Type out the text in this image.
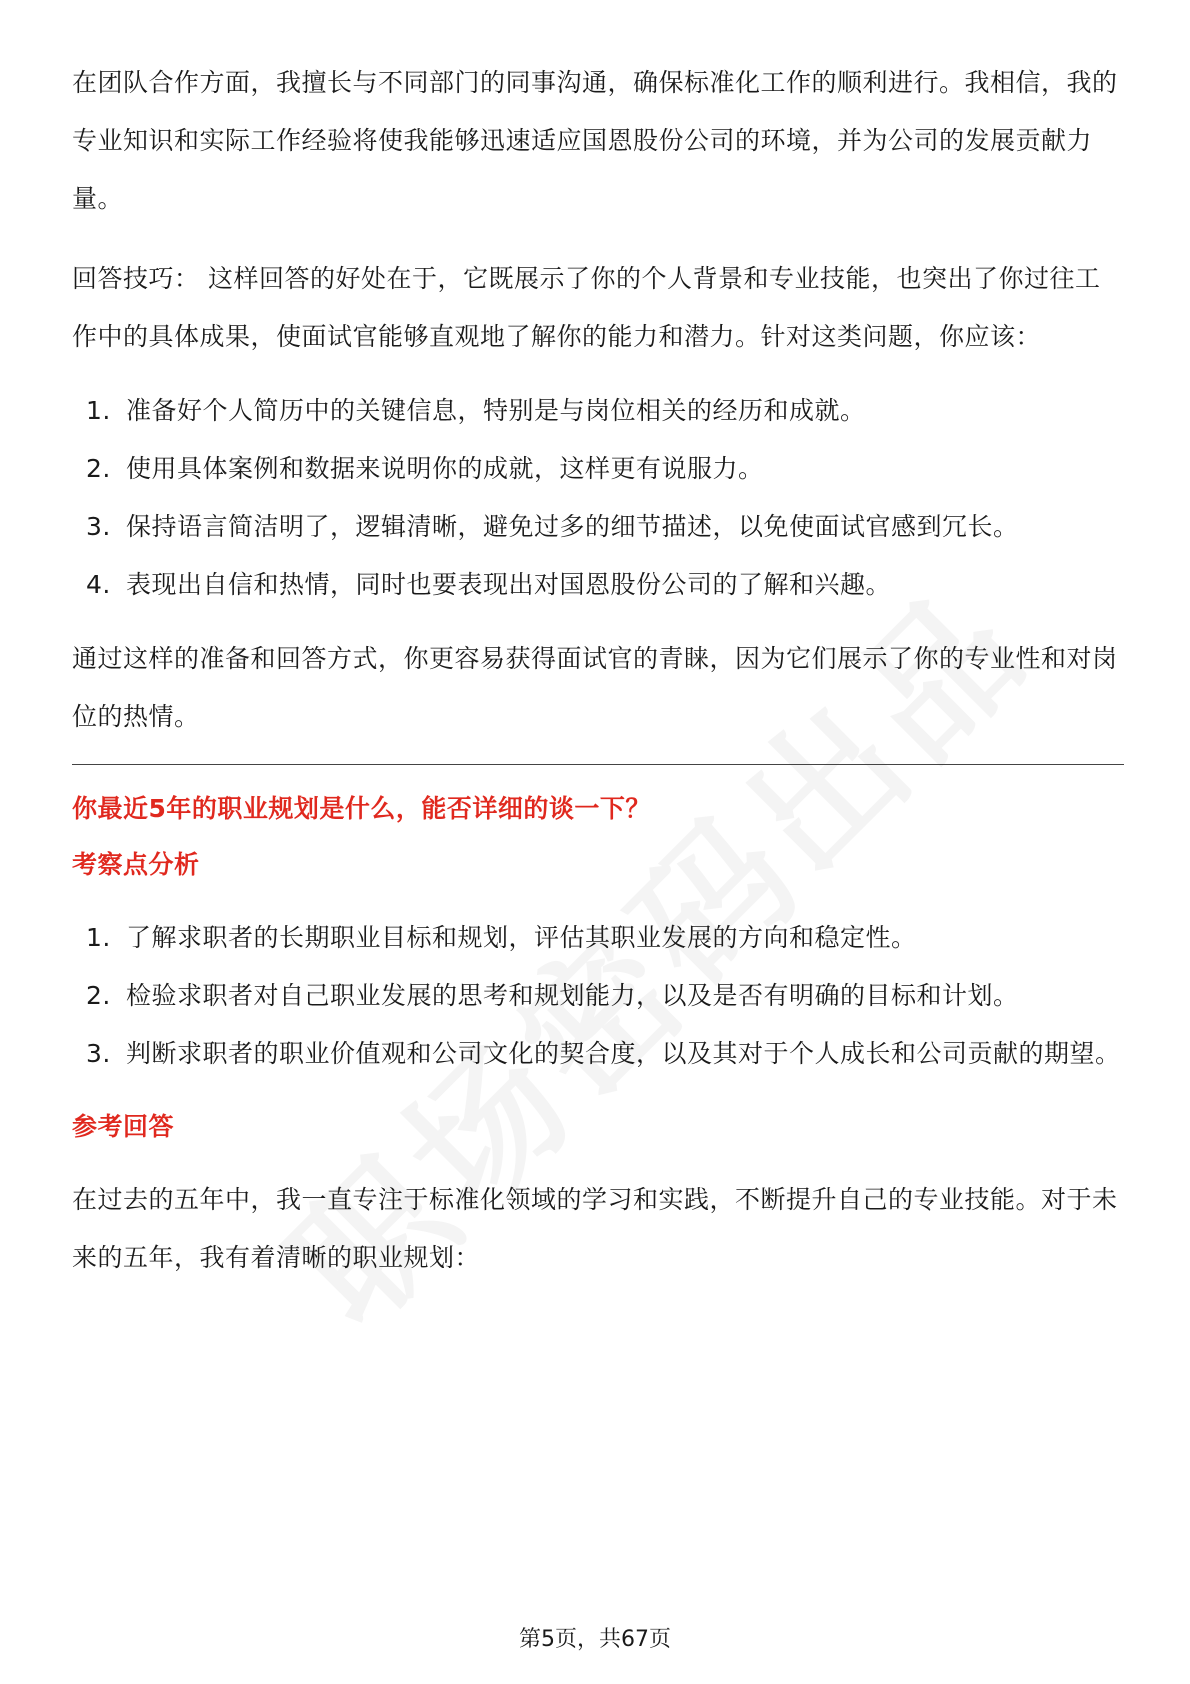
在团队合作方面，我擅长与不同部门的同事沟通，确保标准化工作的顺利进行。我相信，我的专业知识和实际工作经验将使我能够迅速适应国恩股份公司的环境，并为公司的发展贡献力量。

回答技巧： 这样回答的好处在于，它既展示了你的个人背景和专业技能，也突出了你过往工作中的具体成果，使面试官能够直观地了解你的能力和潜力。针对这类问题，你应该：

1. 准备好个人简历中的关键信息，特别是与岗位相关的经历和成就。
2. 使用具体案例和数据来说明你的成就，这样更有说服力。
3. 保持语言简洁明了，逻辑清晰，避免过多的细节描述，以免使面试官感到冗长。
4. 表现出自信和热情，同时也要表现出对国恩股份公司的了解和兴趣。

通过这样的准备和回答方式，你更容易获得面试官的青睐，因为它们展示了你的专业性和对岗位的热情。

你最近5年的职业规划是什么，能否详细的谈一下？

考察点分析

1. 了解求职者的长期职业目标和规划，评估其职业发展的方向和稳定性。
2. 检验求职者对自己职业发展的思考和规划能力，以及是否有明确的目标和计划。
3. 判断求职者的职业价值观和公司文化的契合度，以及其对于个人成长和公司贡献的期望。

参考回答

在过去的五年中，我一直专注于标准化领域的学习和实践，不断提升自己的专业技能。对于未来的五年，我有着清晰的职业规划：

第5页，共67页
